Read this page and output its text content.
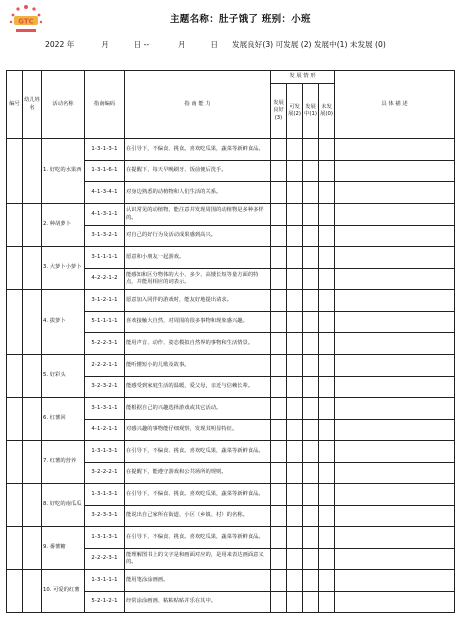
GTC	主题名称：肚子饿了 班别：小班
2022 年	月	日 --	月	日 发展良好(3) 可发展 (2) 发展中(1) 未发展 (0)
编号	幼儿姓名	活动名称	指南编码	指 南 能 力	发 展 情 形				具 体 描 述
					发展良好(3)	可发展(2)	发展中(1)	未发展(0)	
		1. 好吃的水果西	1-3-1-3-1	在引导下，不偏食、挑食。喜欢吃瓜果，蔬菜等新鲜食品。					
			1-3-1-6-1	在提醒下，每天早晚刷牙、饭前便后洗手。					
			4-1-3-4-1	对身边熟悉的动植物和人们生活的关系。					
		2. 种胡萝卜	4-1-3-1-1	认识常见的动植物，能注意并发现周围的动植物是多种多样的。					
			3-1-3-2-1	对自己的好行为及活动成果感到高兴。					
		3. 大萝卜小萝卜	3-1-1-1-1	愿意和小朋友一起游戏。					
			4-2-2-1-2	能感知和区分物体的大小、多少、高矮长短等量方面的特点，并能用相应的词表示。					
		4. 拔萝卜	3-1-2-1-1	愿意加入同伴的游戏时，能友好地提出请求。					
			5-1-1-1-1	喜欢接触大自然，对周围的很多事物和现象感兴趣。					
			5-2-2-3-1	能用声音、动作、姿态模拟自然界的事物和生活情景。					
		5. 好彩头	2-2-2-1-1	能听懂短小的儿歌及故事。					
			3-2-3-2-1	能感受到家庭生活的温暖，爱父母，亲近与信赖长辈。					
		6. 红薯回	3-1-3-1-1	能根据自己的兴趣选择游戏或其它活动。					
			4-1-2-1-1	对感兴趣的事物能仔细观察，发现其明显特征。					
		7. 红薯的营养	1-3-1-3-1	在引导下，不偏食、挑食。喜欢吃瓜果，蔬菜等新鲜食品。					
			3-2-2-2-1	在提醒下，能遵守游戏和公共场所的规则。					
		8. 好吃的南瓜瓜	1-3-1-3-1	在引导下，不偏食、挑食。喜欢吃瓜果，蔬菜等新鲜食品。					
			3-2-3-3-1	能说出自己家所在街道、小区（乡镇、村）的名称。					
		9. 番薯糖	1-3-1-3-1	在引导下，不偏食、挑食。喜欢吃瓜果，蔬菜等新鲜食品。					
			2-2-2-3-1	能理解图书上的文字是和画面对应的，是用来表达画面意义的。					
		10. 可爱的红薯	1-3-1-1-1	能用笔涂涂画画。					
			5-2-1-2-1	经常涂涂画画、粘粘贴贴并乐在其中。					
